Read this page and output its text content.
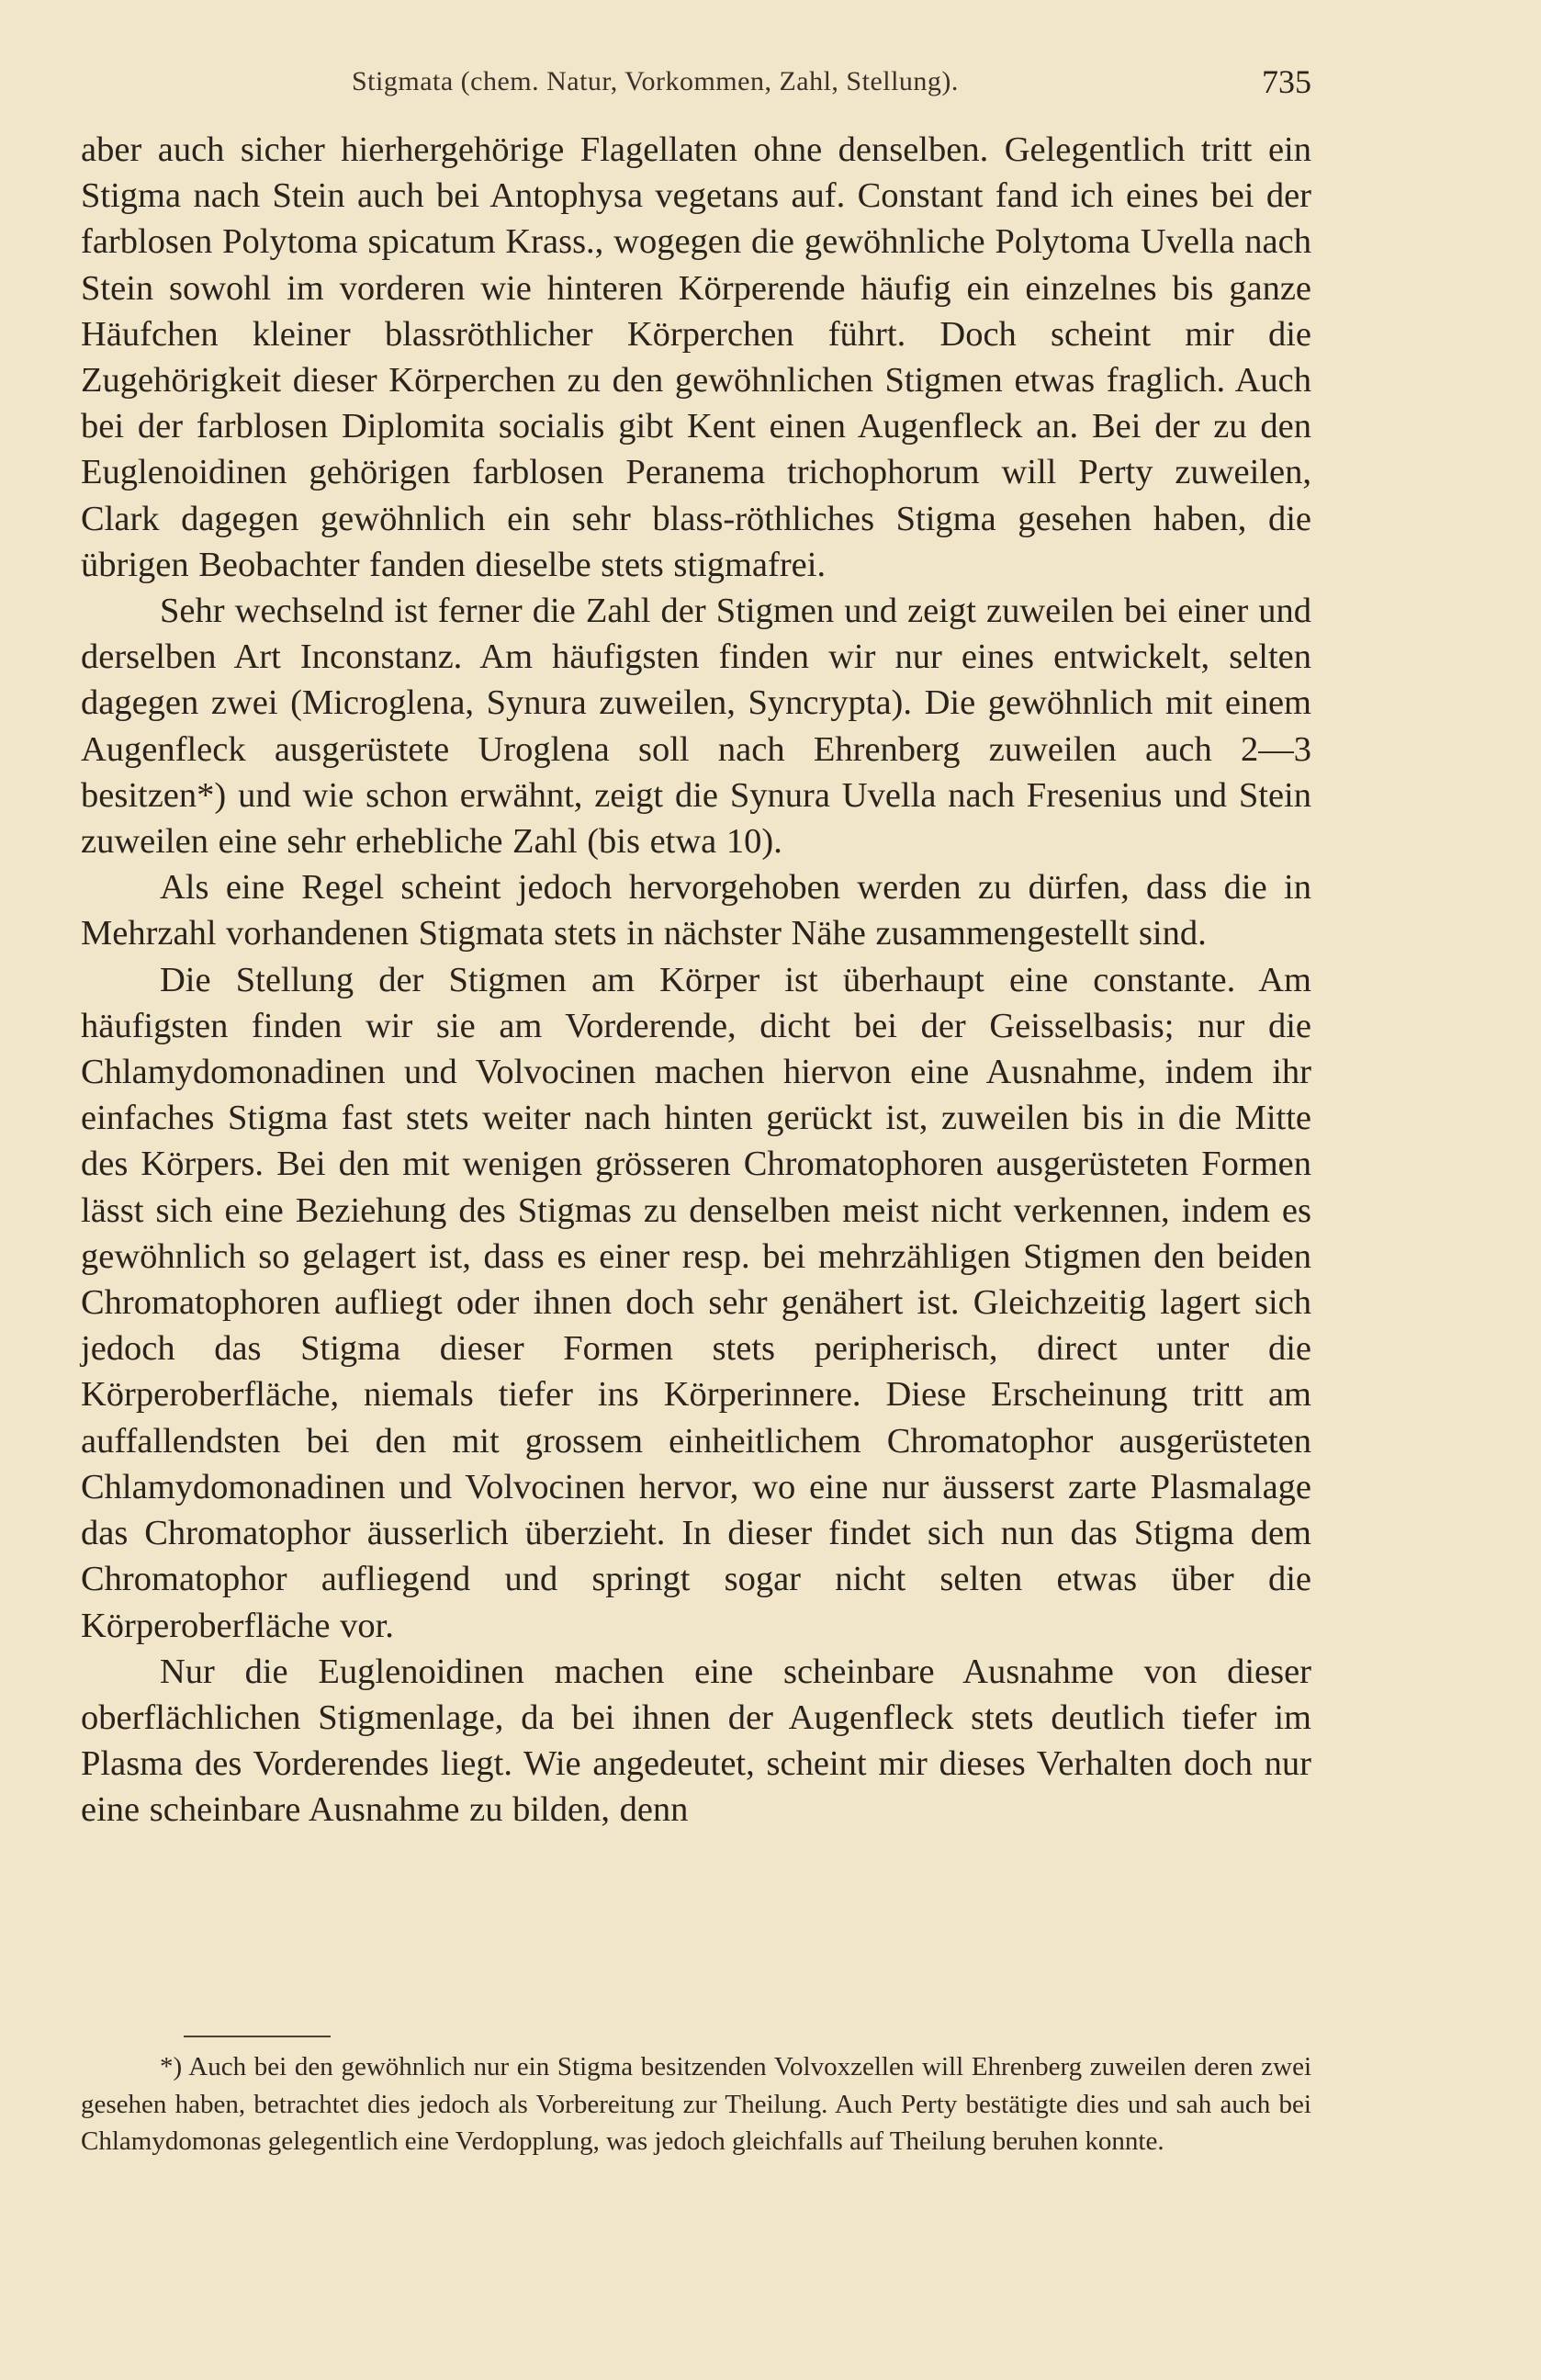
Stigmata (chem. Natur, Vorkommen, Zahl, Stellung).	735

aber auch sicher hierhergehörige Flagellaten ohne denselben. Gelegentlich tritt ein Stigma nach Stein auch bei Antophysa vegetans auf. Constant fand ich eines bei der farblosen Polytoma spicatum Krass., wogegen die gewöhnliche Polytoma Uvella nach Stein sowohl im vorderen wie hinteren Körperende häufig ein einzelnes bis ganze Häufchen kleiner blassröthlicher Körperchen führt. Doch scheint mir die Zugehörigkeit dieser Körperchen zu den gewöhnlichen Stigmen etwas fraglich. Auch bei der farblosen Diplomita socialis gibt Kent einen Augenfleck an. Bei der zu den Euglenoidinen gehörigen farblosen Peranema trichophorum will Perty zuweilen, Clark dagegen gewöhnlich ein sehr blass-röthliches Stigma gesehen haben, die übrigen Beobachter fanden dieselbe stets stigmafrei.

Sehr wechselnd ist ferner die Zahl der Stigmen und zeigt zuweilen bei einer und derselben Art Inconstanz. Am häufigsten finden wir nur eines entwickelt, selten dagegen zwei (Microglena, Synura zuweilen, Syncrypta). Die gewöhnlich mit einem Augenfleck ausgerüstete Uroglena soll nach Ehrenberg zuweilen auch 2—3 besitzen*) und wie schon erwähnt, zeigt die Synura Uvella nach Fresenius und Stein zuweilen eine sehr erhebliche Zahl (bis etwa 10).

Als eine Regel scheint jedoch hervorgehoben werden zu dürfen, dass die in Mehrzahl vorhandenen Stigmata stets in nächster Nähe zusammengestellt sind.

Die Stellung der Stigmen am Körper ist überhaupt eine constante. Am häufigsten finden wir sie am Vorderende, dicht bei der Geisselbasis; nur die Chlamydomonadinen und Volvocinen machen hiervon eine Ausnahme, indem ihr einfaches Stigma fast stets weiter nach hinten gerückt ist, zuweilen bis in die Mitte des Körpers. Bei den mit wenigen grösseren Chromatophoren ausgerüsteten Formen lässt sich eine Beziehung des Stigmas zu denselben meist nicht verkennen, indem es gewöhnlich so gelagert ist, dass es einer resp. bei mehrzähligen Stigmen den beiden Chromatophoren aufliegt oder ihnen doch sehr genähert ist. Gleichzeitig lagert sich jedoch das Stigma dieser Formen stets peripherisch, direct unter die Körperoberfläche, niemals tiefer ins Körperinnere. Diese Erscheinung tritt am auffallendsten bei den mit grossem einheitlichem Chromatophor ausgerüsteten Chlamydomonadinen und Volvocinen hervor, wo eine nur äusserst zarte Plasmalage das Chromatophor äusserlich überzieht. In dieser findet sich nun das Stigma dem Chromatophor aufliegend und springt sogar nicht selten etwas über die Körperoberfläche vor.

Nur die Euglenoidinen machen eine scheinbare Ausnahme von dieser oberflächlichen Stigmenlage, da bei ihnen der Augenfleck stets deutlich tiefer im Plasma des Vorderendes liegt. Wie angedeutet, scheint mir dieses Verhalten doch nur eine scheinbare Ausnahme zu bilden, denn

*) Auch bei den gewöhnlich nur ein Stigma besitzenden Volvoxzellen will Ehrenberg zuweilen deren zwei gesehen haben, betrachtet dies jedoch als Vorbereitung zur Theilung. Auch Perty bestätigte dies und sah auch bei Chlamydomonas gelegentlich eine Verdopplung, was jedoch gleichfalls auf Theilung beruhen konnte.
